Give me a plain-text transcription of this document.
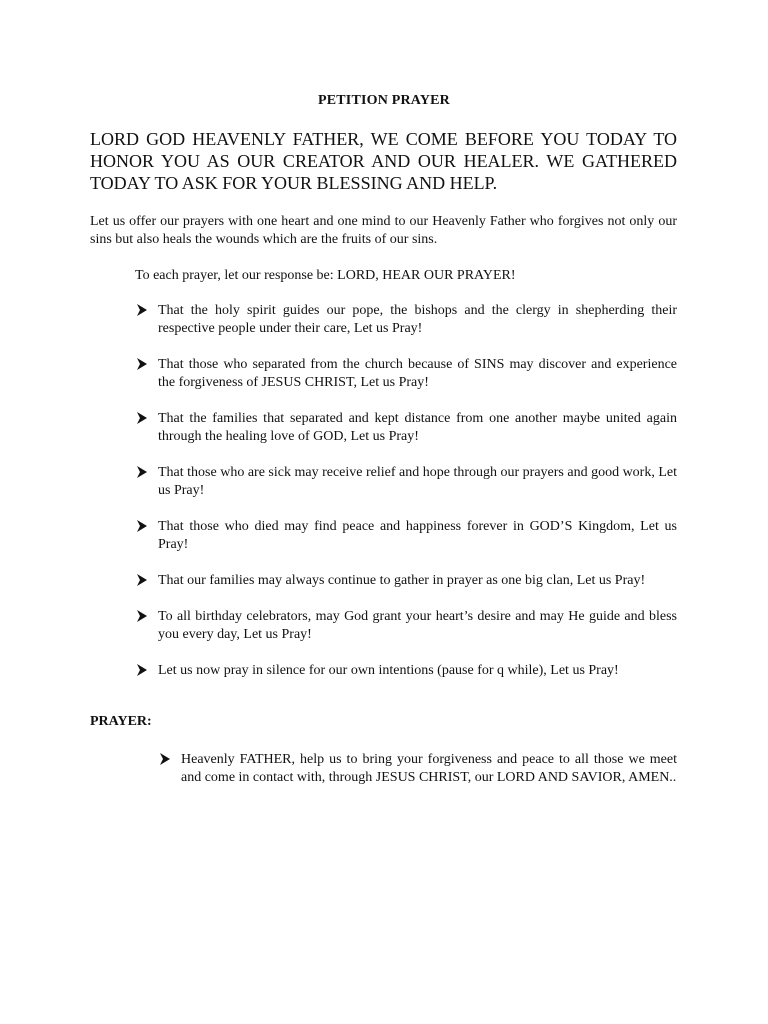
PETITION PRAYER
LORD GOD HEAVENLY FATHER, WE COME BEFORE YOU TODAY TO HONOR YOU AS OUR CREATOR AND OUR HEALER. WE GATHERED TODAY TO ASK FOR YOUR BLESSING AND HELP.
Let us offer our prayers with one heart and one mind to our Heavenly Father who forgives not only our sins but also heals the wounds which are the fruits of our sins.
To each prayer, let our response be: LORD, HEAR OUR PRAYER!
That the holy spirit guides our pope, the bishops and the clergy in shepherding their respective people under their care, Let us Pray!
That those who separated from the church because of SINS may discover and experience the forgiveness of JESUS CHRIST, Let us Pray!
That the families that separated and kept distance from one another maybe united again through the healing love of GOD, Let us Pray!
That those who are sick may receive relief and hope through our prayers and good work, Let us Pray!
That those who died may find peace and happiness forever in GOD’S Kingdom, Let us Pray!
That our families may always continue to gather in prayer as one big clan, Let us Pray!
To all birthday celebrators, may God grant your heart’s desire and may He guide and bless you every day, Let us Pray!
Let us now pray in silence for our own intentions (pause for q while), Let us Pray!
PRAYER:
Heavenly FATHER, help us to bring your forgiveness and peace to all those we meet and come in contact with, through JESUS CHRIST, our LORD AND SAVIOR, AMEN..
